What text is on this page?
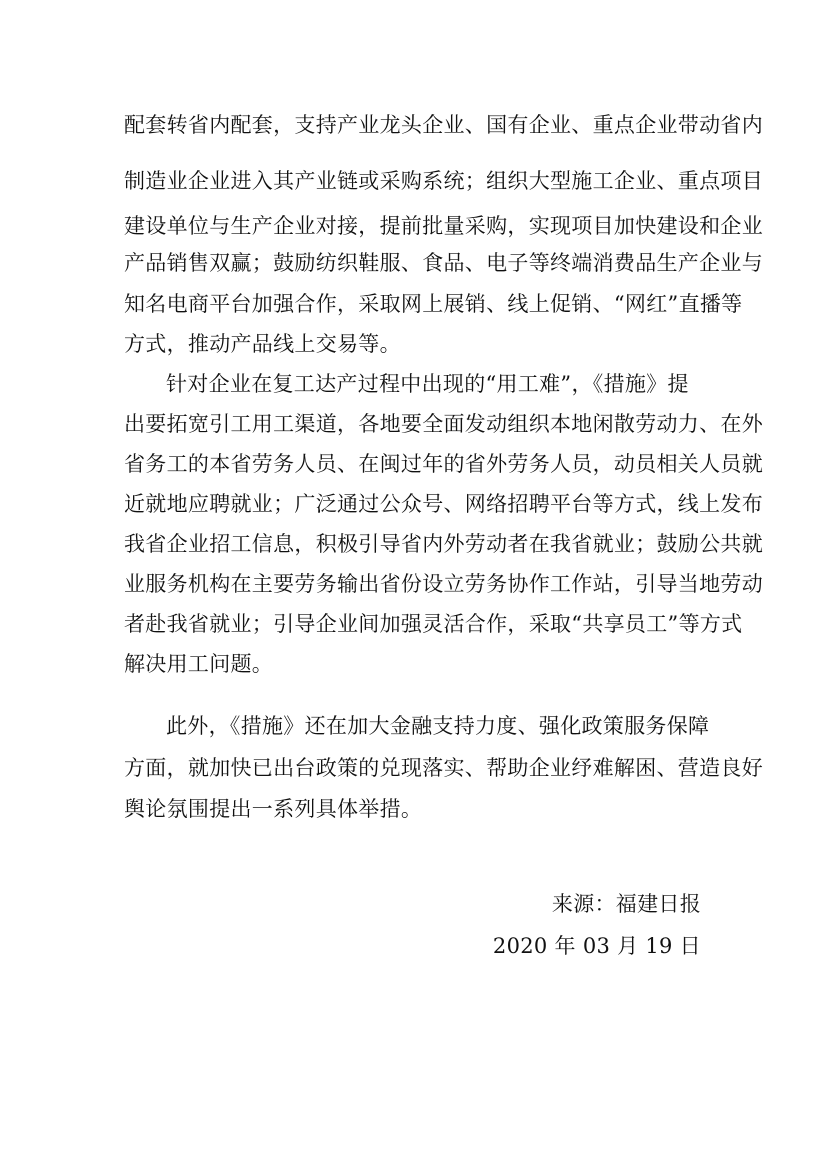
配套转省内配套，支持产业龙头企业、国有企业、重点企业带动省内
制造业企业进入其产业链或采购系统；组织大型施工企业、重点项目
建设单位与生产企业对接，提前批量采购，实现项目加快建设和企业
产品销售双赢；鼓励纺织鞋服、食品、电子等终端消费品生产企业与
知名电商平台加强合作，采取网上展销、线上促销、“网红”直播等
方式，推动产品线上交易等。
针对企业在复工达产过程中出现的“用工难”，《措施》提
出要拓宽引工用工渠道，各地要全面发动组织本地闲散劳动力、在外
省务工的本省劳务人员、在闽过年的省外劳务人员，动员相关人员就
近就地应聘就业；广泛通过公众号、网络招聘平台等方式，线上发布
我省企业招工信息，积极引导省内外劳动者在我省就业；鼓励公共就
业服务机构在主要劳务输出省份设立劳务协作工作站，引导当地劳动
者赴我省就业；引导企业间加强灵活合作，采取“共享员工”等方式
解决用工问题。
此外，《措施》还在加大金融支持力度、强化政策服务保障
方面，就加快已出台政策的兑现落实、帮助企业纾难解困、营造良好
舆论氛围提出一系列具体举措。
来源：福建日报
2020 年 03 月 19 日
